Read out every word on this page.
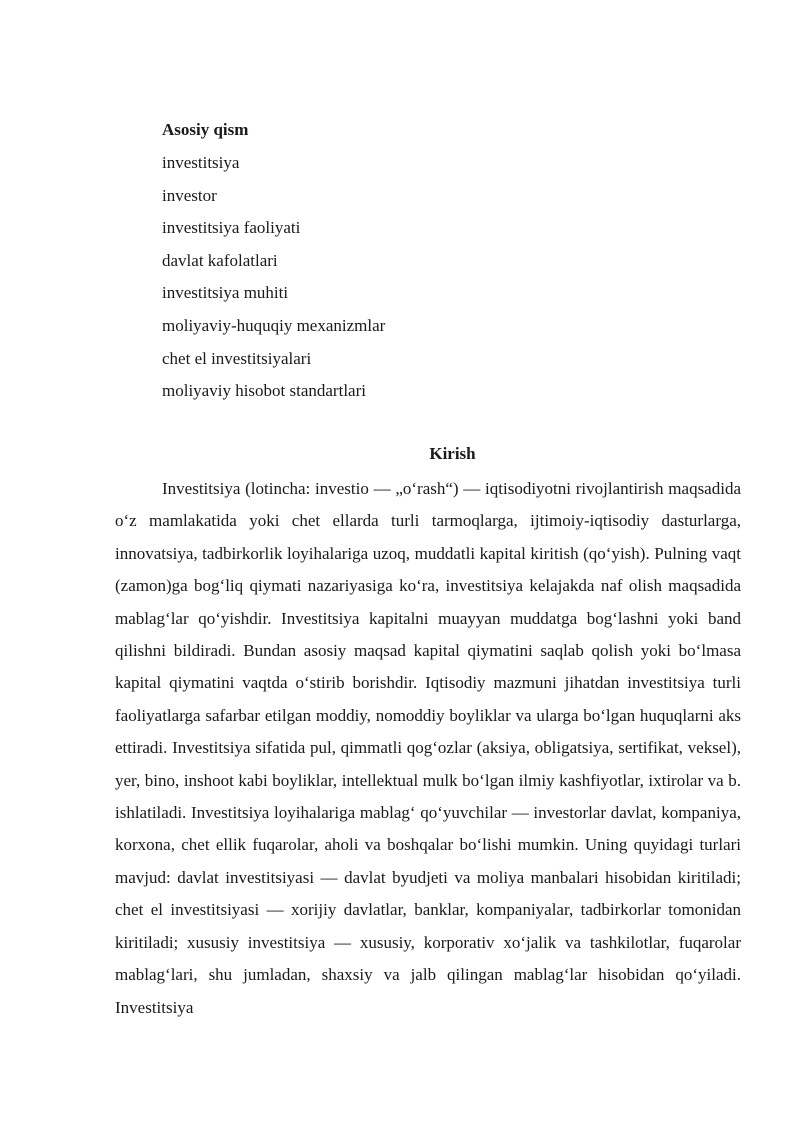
Asosiy qism
investitsiya
investor
investitsiya faoliyati
davlat kafolatlari
investitsiya muhiti
moliyaviy-huquqiy mexanizmlar
chet el investitsiyalari
moliyaviy hisobot standartlari
Kirish

Investitsiya (lotincha: investio — „oʻrash“) — iqtisodiyotni rivojlantirish maqsadida oʻz mamlakatida yoki chet ellarda turli tarmoqlarga, ijtimoiy-iqtisodiy dasturlarga, innovatsiya, tadbirkorlik loyihalariga uzoq, muddatli kapital kiritish (qoʻyish). Pulning vaqt (zamon)ga bogʻliq qiymati nazariyasiga koʻra, investitsiya kelajakda naf olish maqsadida mablagʻlar qoʻyishdir. Investitsiya kapitalni muayyan muddatga bogʻlashni yoki band qilishni bildiradi. Bundan asosiy maqsad kapital qiymatini saqlab qolish yoki boʻlmasa kapital qiymatini vaqtda oʻstirib borishdir. Iqtisodiy mazmuni jihatdan investitsiya turli faoliyatlarga safarbar etilgan moddiy, nomoddiy boyliklar va ularga boʻlgan huquqlarni aks ettiradi. Investitsiya sifatida pul, qimmatli qogʻozlar (aksiya, obligatsiya, sertifikat, veksel), yer, bino, inshoot kabi boyliklar, intellektual mulk boʻlgan ilmiy kashfiyotlar, ixtirolar va b. ishlatiladi. Investitsiya loyihalariga mablagʻ qoʻyuvchilar — investorlar davlat, kompaniya, korxona, chet ellik fuqarolar, aholi va boshqalar boʻlishi mumkin. Uning quyidagi turlari mavjud: davlat investitsiyasi — davlat byudjeti va moliya manbalari hisobidan kiritiladi; chet el investitsiyasi — xorijiy davlatlar, banklar, kompaniyalar, tadbirkorlar tomonidan kiritiladi; xususiy investitsiya — xususiy, korporativ xoʻjalik va tashkilotlar, fuqarolar mablagʻlari, shu jumladan, shaxsiy va jalb qilingan mablagʻlar hisobidan qoʻyiladi. Investitsiya
